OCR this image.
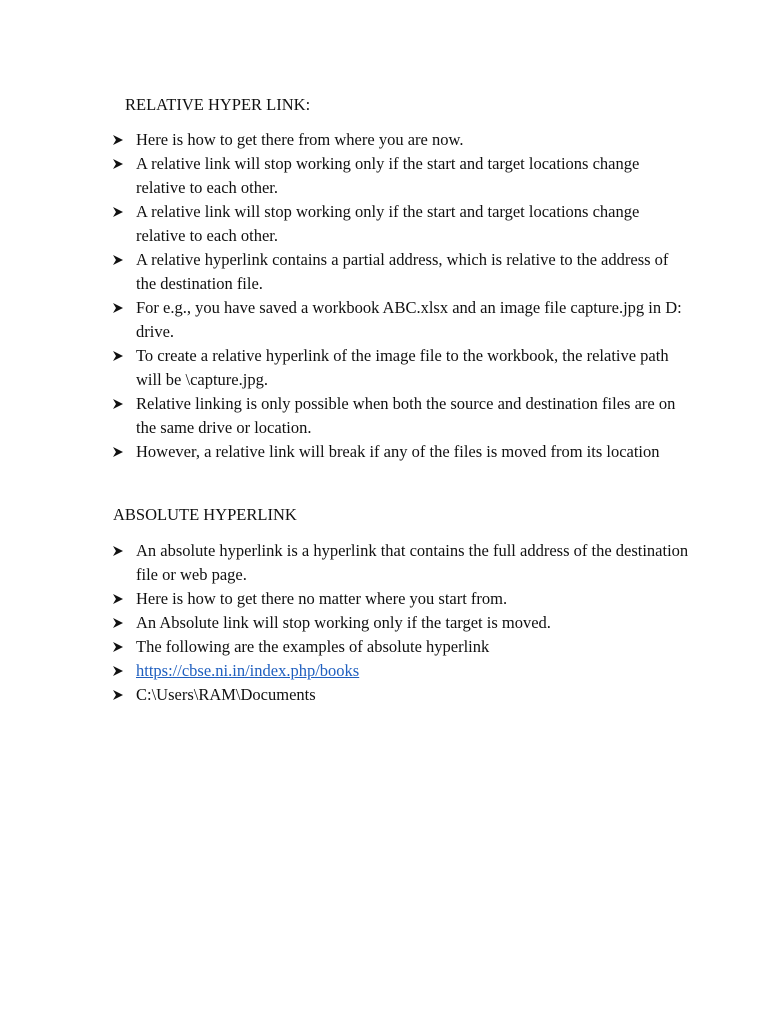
RELATIVE HYPER LINK:
Here is how to get there from where you are now.
A relative link will stop working only if the start and target locations change relative to each other.
A relative link will stop working only if the start and target locations change relative to each other.
A relative hyperlink contains a partial address, which is relative to the address of the destination file.
For e.g., you have saved a workbook ABC.xlsx and an image file capture.jpg in D: drive.
To create a relative hyperlink of the image file to the workbook, the relative path will be \capture.jpg.
Relative linking is only possible when both the source and destination files are on the same drive or location.
However, a relative link will break if any of the files is moved from its location
ABSOLUTE HYPERLINK
An absolute hyperlink is a hyperlink that contains the full address of the destination file or web page.
Here is how to get there no matter where you start from.
An Absolute link will stop working only if the target is moved.
The following are the examples of absolute hyperlink
https://cbse.ni.in/index.php/books
C:\Users\RAM\Documents
